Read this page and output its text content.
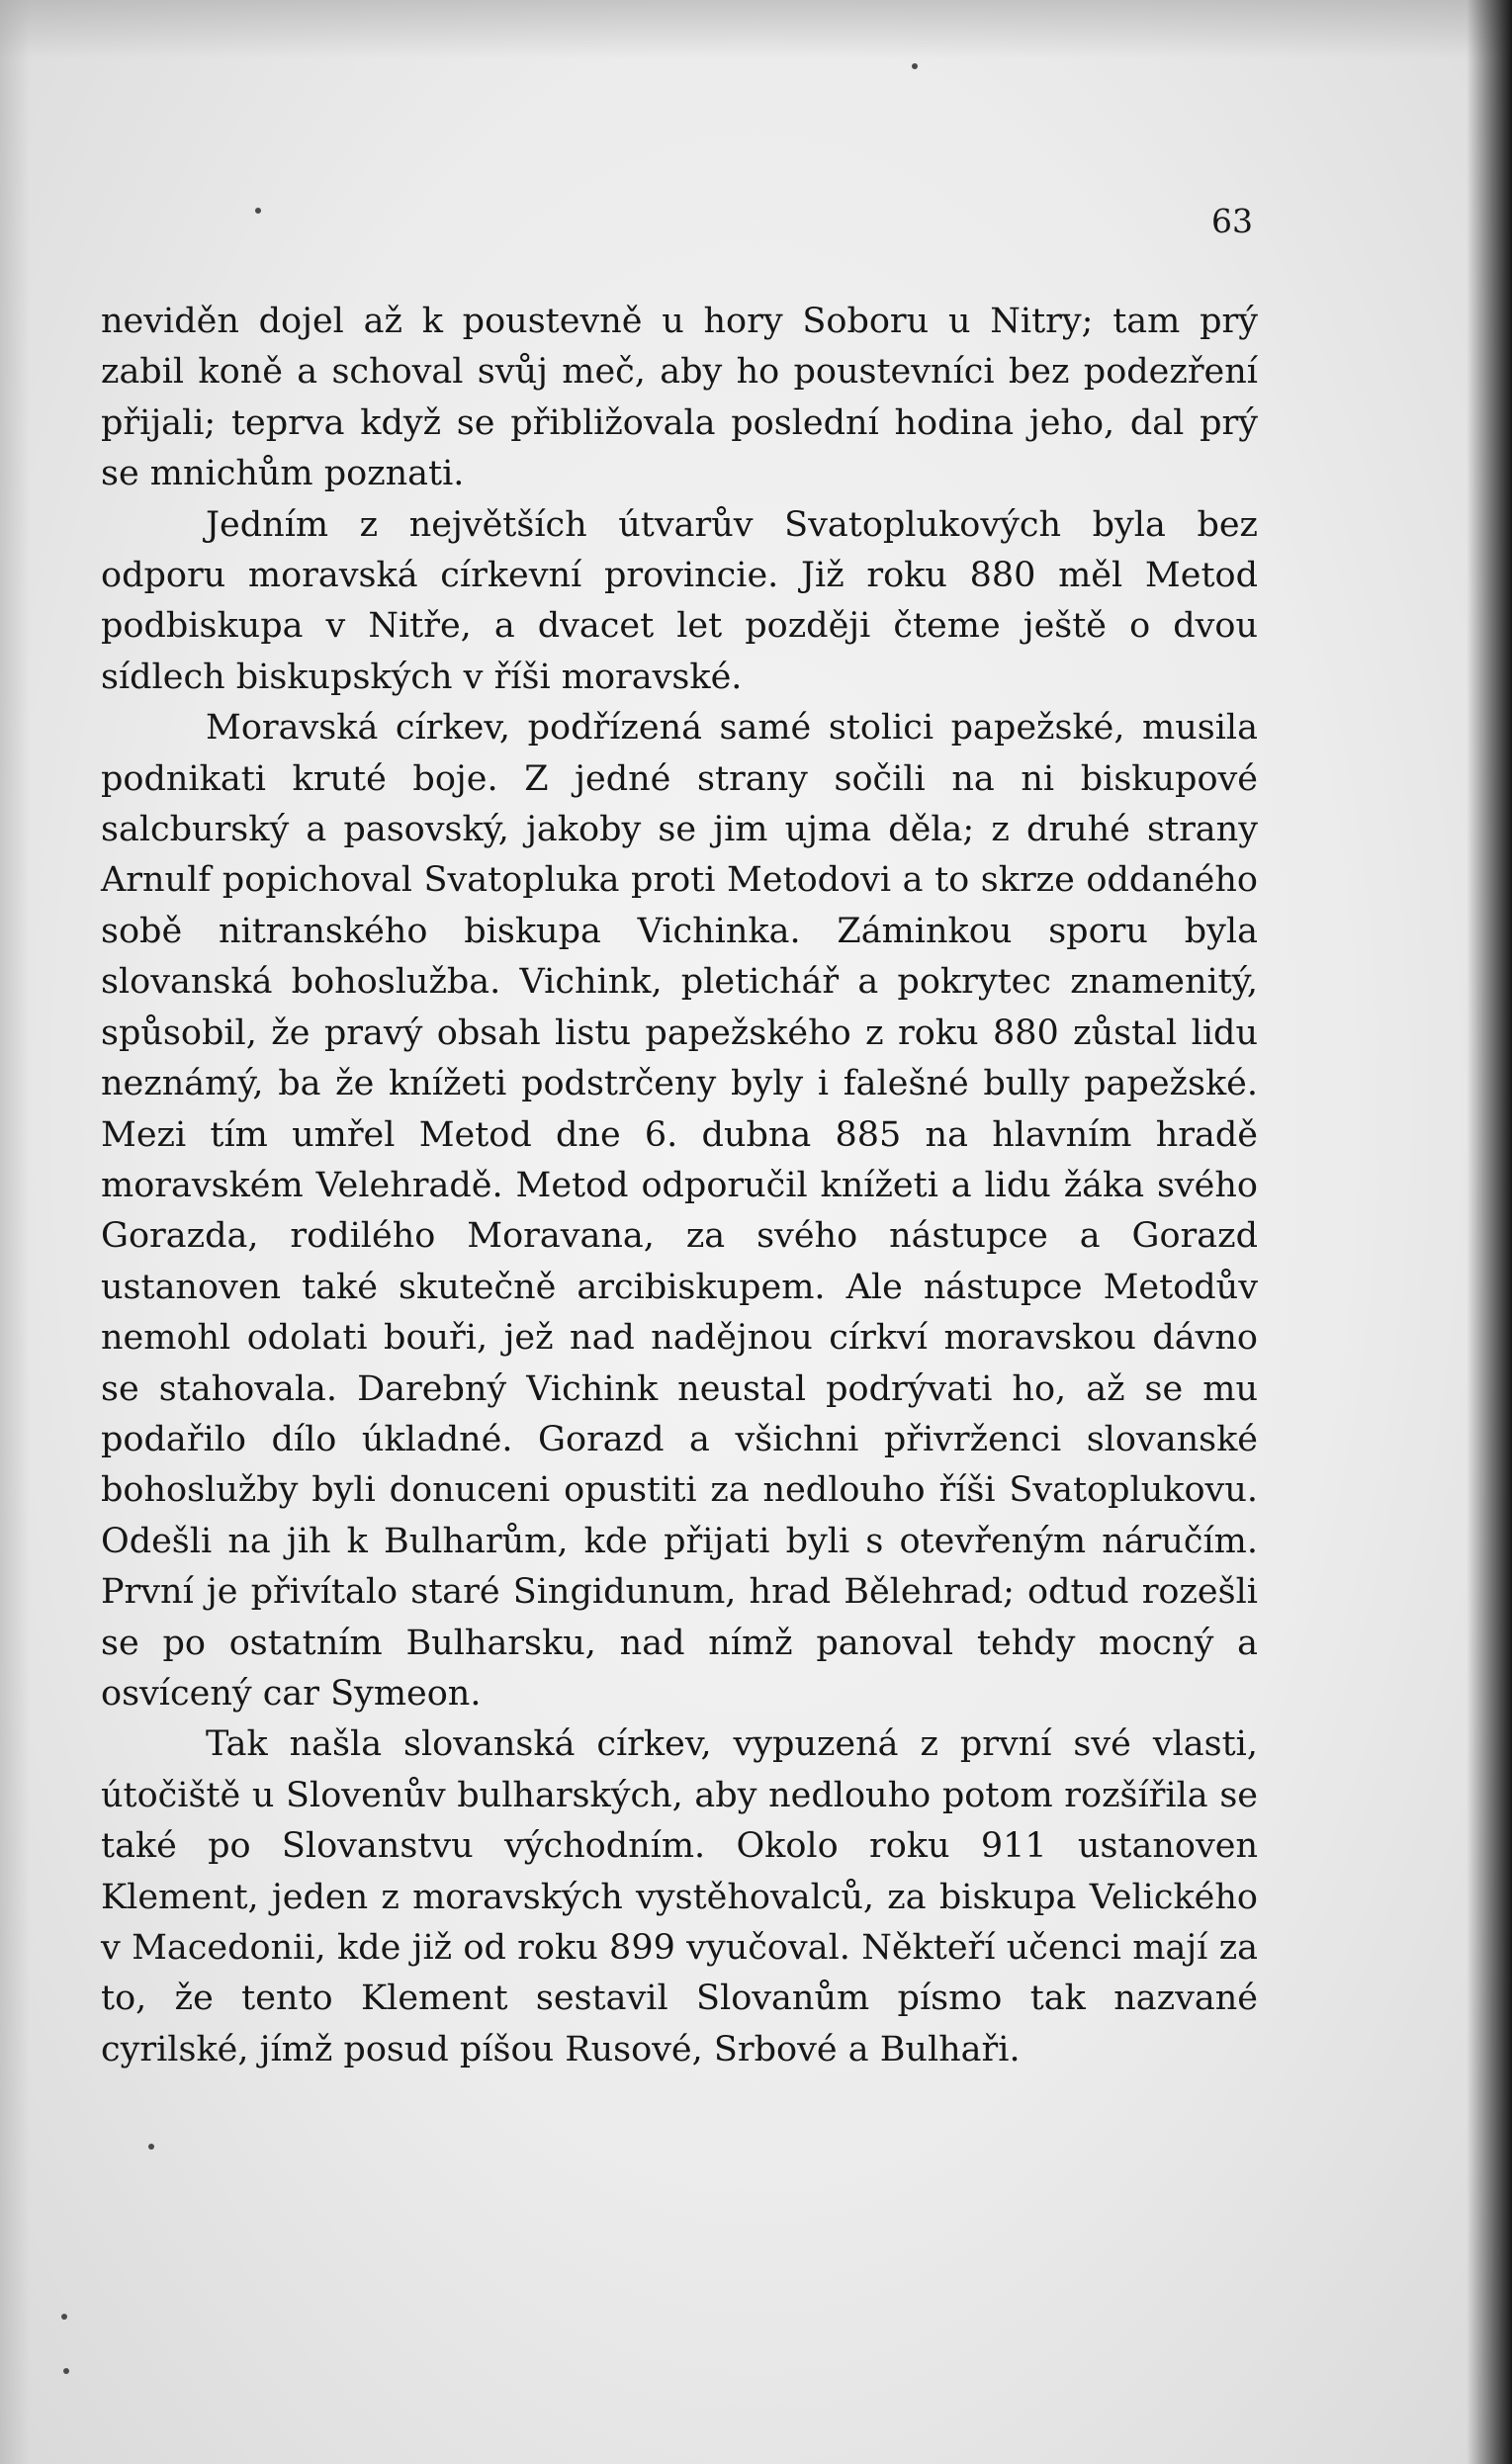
63

neviděn dojel až k poustevně u hory Soboru u Nitry; tam prý zabil koně a schoval svůj meč, aby ho poustevníci bez podezření přijali; teprva když se přibližovala poslední hodina jeho, dal prý se mnichům poznati.

Jedním z největších útvarův Svatoplukových byla bez odporu moravská církevní provincie. Již roku 880 měl Metod podbiskupa v Nitře, a dvacet let později čteme ještě o dvou sídlech biskupských v říši moravské.

Moravská církev, podřízená samé stolici papežské, musila podnikati kruté boje. Z jedné strany sočili na ni biskupové salcburský a pasovský, jakoby se jim ujma děla; z druhé strany Arnulf popichoval Svatopluka proti Metodovi a to skrze oddaného sobě nitranského biskupa Vichinka. Záminkou sporu byla slovanská bohoslužba. Vichink, pletichář a pokrytec znamenitý, spůsobil, že pravý obsah listu papežského z roku 880 zůstal lidu neznámý, ba že knížeti podstrčeny byly i falešné bully papežské. Mezi tím umřel Metod dne 6. dubna 885 na hlavním hradě moravském Velehradě. Metod odporučil knížeti a lidu žáka svého Gorazda, rodilého Moravana, za svého nástupce a Gorazd ustanoven také skutečně arcibiskupem. Ale nástupce Metodův nemohl odolati bouři, jež nad nadějnou církví moravskou dávno se stahovala. Darebný Vichink neustal podrývati ho, až se mu podařilo dílo úkladné. Gorazd a všichni přivrženci slovanské bohoslužby byli donuceni opustiti za nedlouho říši Svatoplukovu. Odešli na jih k Bulharům, kde přijati byli s otevřeným náručím. První je přivítalo staré Singidunum, hrad Bělehrad; odtud rozešli se po ostatním Bulharsku, nad nímž panoval tehdy mocný a osvícený car Symeon.

Tak našla slovanská církev, vypuzená z první své vlasti, útočiště u Slovenův bulharských, aby nedlouho potom rozšířila se také po Slovanstvu východním. Okolo roku 911 ustanoven Klement, jeden z moravských vystěhovalců, za biskupa Velického v Macedonii, kde již od roku 899 vyučoval. Někteří učenci mají za to, že tento Klement sestavil Slovanům písmo tak nazvané cyrilské, jímž posud píšou Rusové, Srbové a Bulhaři.
